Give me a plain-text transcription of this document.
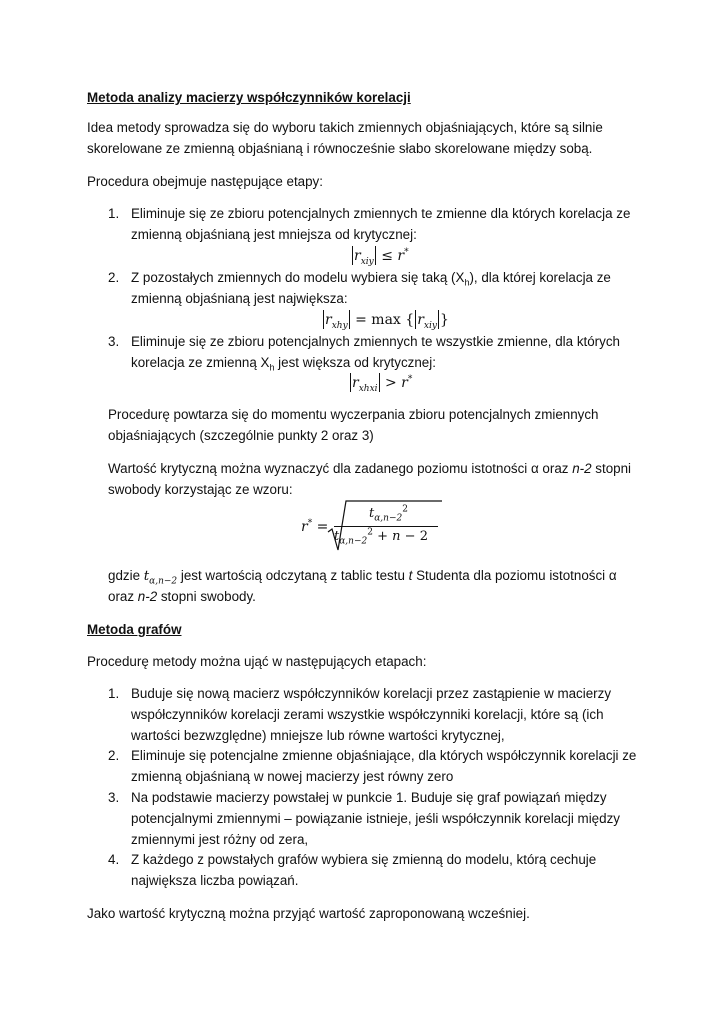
Metoda analizy macierzy współczynników korelacji
Idea metody sprowadza się do wyboru takich zmiennych objaśniających, które są silnie
skorelowane ze zmienną objaśnianą i równocześnie słabo skorelowane między sobą.
Procedura obejmuje następujące etapy:
1. Eliminuje się ze zbioru potencjalnych zmiennych te zmienne dla których korelacja ze
zmienną objaśnianą jest mniejsza od krytycznej:
$r_{xiy} \le r^*$
2. Z pozostałych zmiennych do modelu wybiera się taką $(X_h)$, dla której korelacja ze
zmienną objaśnianą jest największa:
$r_{xhy} = \max$ { $r_{xiy}$ }
3. Eliminuje się ze zbioru potencjalnych zmiennych te wszystkie zmienne, dla których
korelacja ze zmienną $X_h$ jest większa od krytycznej:
$r_{xhxi} > r^*$
Procedurę powtarza się do momentu wyczerpania zbioru potencjalnych zmiennych
objaśniających (szczególnie punkty 2 oraz 3)
Wartość krytyczną można wyznaczyć dla zadanego poziomu istotności α oraz n-2 stopni
swobody korzystając ze wzoru:
r* =
$t_{\alpha,n-2}^2$
$t_{\alpha,n-2}^2 + n - 2$
gdzie $t_{\alpha,n-2}$ jest wartością odczytaną z tablic testu t Studenta dla poziomu istotności α
oraz n-2 stopni swobody.
Metoda grafów
Procedurę metody można ująć w następujących etapach:
1. Buduje się nową macierz współczynników korelacji przez zastąpienie w macierzy
współczynników korelacji zerami wszystkie współczynniki korelacji, które są (ich
wartości bezwzględne) mniejsze lub równe wartości krytycznej,
2. Eliminuje się potencjalne zmienne objaśniające, dla których współczynnik korelacji ze
zmienną objaśnianą w nowej macierzy jest równy zero
3. Na podstawie macierzy powstałej w punkcie 1. Buduje się graf powiązań między
potencjalnymi zmiennymi – powiązanie istnieje, jeśli współczynnik korelacji między
zmiennymi jest różny od zera,
4. Z każdego z powstałych grafów wybiera się zmienną do modelu, którą cechuje
największa liczba powiązań.
Jako wartość krytyczną można przyjąć wartość zaproponowaną wcześniej.
